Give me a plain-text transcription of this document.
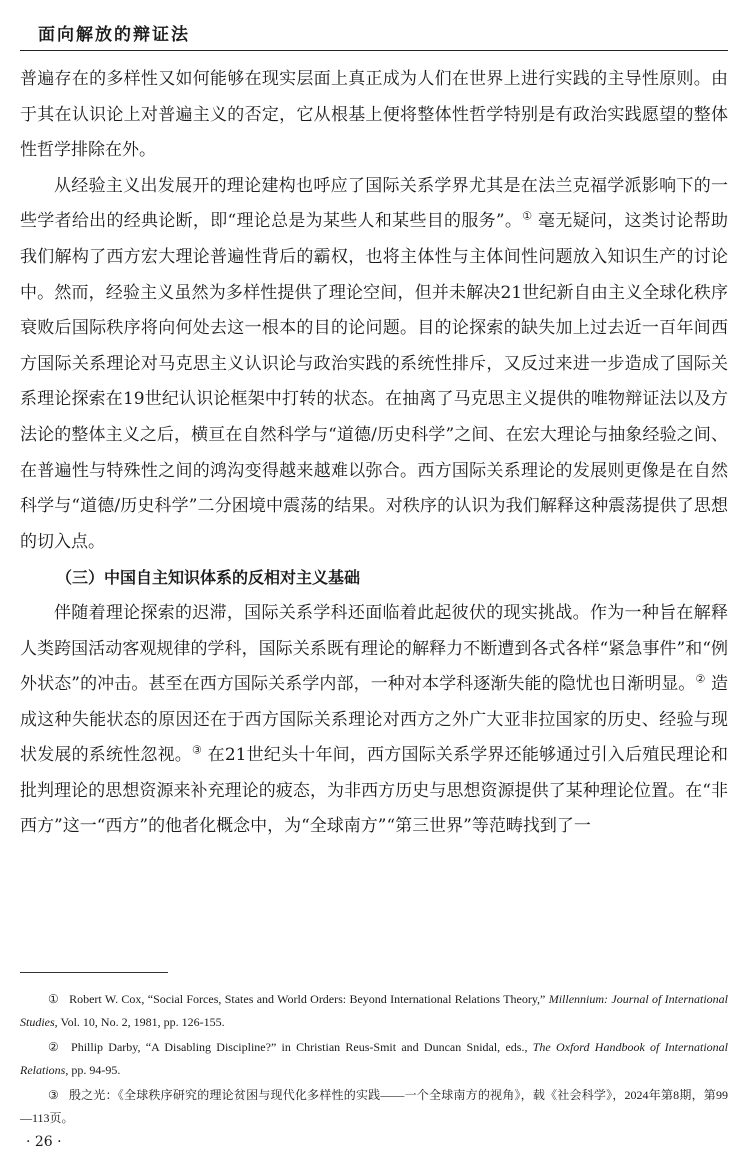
面向解放的辩证法

普遍存在的多样性又如何能够在现实层面上真正成为人们在世界上进行实践的主导性原则。由于其在认识论上对普遍主义的否定，它从根基上便将整体性哲学特别是有政治实践愿望的整体性哲学排除在外。

从经验主义出发展开的理论建构也呼应了国际关系学界尤其是在法兰克福学派影响下的一些学者给出的经典论断，即“理论总是为某些人和某些目的服务”。① 毫无疑问，这类讨论帮助我们解构了西方宏大理论普遍性背后的霸权，也将主体性与主体间性问题放入知识生产的讨论中。然而，经验主义虽然为多样性提供了理论空间，但并未解决21世纪新自由主义全球化秩序衰败后国际秩序将向何处去这一根本的目的论问题。目的论探索的缺失加上过去近一百年间西方国际关系理论对马克思主义认识论与政治实践的系统性排斥，又反过来进一步造成了国际关系理论探索在19世纪认识论框架中打转的状态。在抽离了马克思主义提供的唯物辩证法以及方法论的整体主义之后，横亘在自然科学与“道德/历史科学”之间、在宏大理论与抽象经验之间、在普遍性与特殊性之间的鸿沟变得越来越难以弥合。西方国际关系理论的发展则更像是在自然科学与“道德/历史科学”二分困境中震荡的结果。对秩序的认识为我们解释这种震荡提供了思想的切入点。

（三）中国自主知识体系的反相对主义基础

伴随着理论探索的迟滞，国际关系学科还面临着此起彼伏的现实挑战。作为一种旨在解释人类跨国活动客观规律的学科，国际关系既有理论的解释力不断遭到各式各样“紧急事件”和“例外状态”的冲击。甚至在西方国际关系学内部，一种对本学科逐渐失能的隐忧也日渐明显。② 造成这种失能状态的原因还在于西方国际关系理论对西方之外广大亚非拉国家的历史、经验与现状发展的系统性忽视。③ 在21世纪头十年间，西方国际关系学界还能够通过引入后殖民理论和批判理论的思想资源来补充理论的疲态，为非西方历史与思想资源提供了某种理论位置。在“非西方”这一“西方”的他者化概念中，为“全球南方”“第三世界”等范畴找到了一

① Robert W. Cox, “Social Forces, States and World Orders: Beyond International Relations Theory,” Millennium: Journal of International Studies, Vol. 10, No. 2, 1981, pp. 126-155.

② Phillip Darby, “A Disabling Discipline?” in Christian Reus-Smit and Duncan Snidal, eds., The Oxford Handbook of International Relations, pp. 94-95.

③ 殷之光：《全球秩序研究的理论贫困与现代化多样性的实践——一个全球南方的视角》，载《社会科学》，2024年第8期，第99—113页。

· 26 ·
